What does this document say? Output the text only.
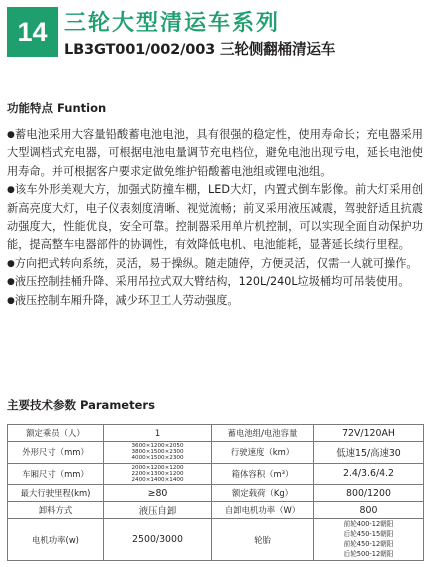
14 三轮大型清运车系列
LB3GT001/002/003 三轮侧翻桶清运车
功能特点 Funtion

●蓄电池采用大容量铅酸蓄电池电池，具有很强的稳定性，使用寿命长；充电器采用大型调档式充电器，可根据电池电量调节充电档位，避免电池出现亏电，延长电池使用寿命。并可根据客户要求定做免维护铅酸蓄电池组或锂电池组。

●该车外形美观大方，加强式防撞车棚，LED大灯，内置式倒车影像。前大灯采用创新高亮度大灯，电子仪表刻度清晰、视觉流畅；前叉采用液压减震，驾驶舒适且抗震动强度大，性能优良，安全可靠。控制器采用单片机控制，可以实现全面自动保护功能，提高整车电器部件的协调性，有效降低电机、电池能耗，显著延长续行里程。

●方向把式转向系统，灵活，易于操纵。随走随停，方便灵活，仅需一人就可操作。

●液压控制挂桶升降、采用吊拉式双大臂结构，120L/240L垃圾桶均可吊装使用。

●液压控制车厢升降，减少环卫工人劳动强度。

主要技术参数 Parameters
额定乘员（人）	1	蓄电池组/电池容量	72V/120AH
外形尺寸（mm）	3600×1200×2050
3800×1500×2300
4000×1500×2300	行驶速度（km）	低速15/高速30
车厢尺寸（mm）	2000×1200×1200
2200×1300×1200
2400×1400×1400	箱体容积（m³）	2.4/3.6/4.2
最大行驶里程(km)	≥80	额定载荷（Kg）	800/1200
卸料方式	液压自卸	自卸电机功率（W）	800
电机功率(w)	2500/3000	轮胎	前轮400-12朝阳
后轮450-15朝阳
前轮450-12朝阳
后轮500-12朝阳
